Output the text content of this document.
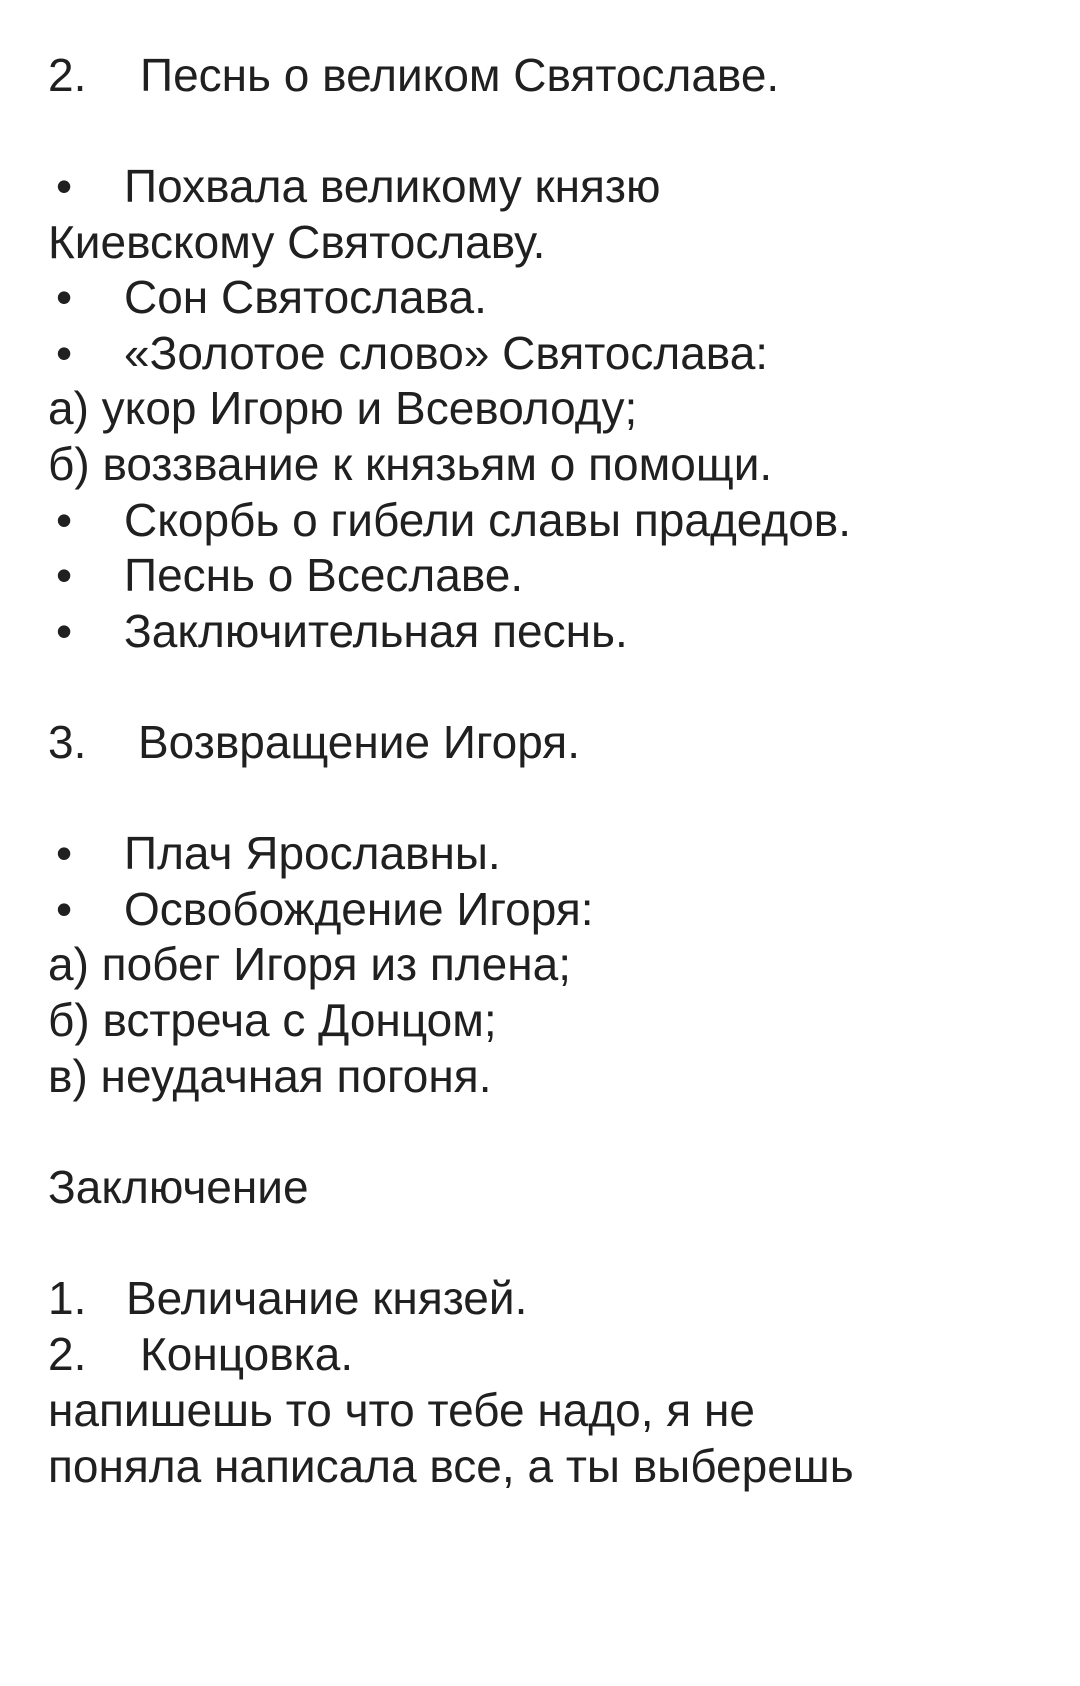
2. Песнь о великом Святославе.
• Похвала великому князю
Киевскому Святославу.
• Сон Святослава.
• «Золотое слово» Святослава:
а) укор Игорю и Всеволоду;
б) воззвание к князьям о помощи.
• Скорбь о гибели славы прадедов.
• Песнь о Всеславе.
• Заключительная песнь.
3. Возвращение Игоря.
• Плач Ярославны.
• Освобождение Игоря:
а) побег Игоря из плена;
б) встреча с Донцом;
в) неудачная погоня.
Заключение
1. Величание князей.
2. Концовка.
напишешь то что тебе надо, я не
поняла написала все, а ты выберешь
